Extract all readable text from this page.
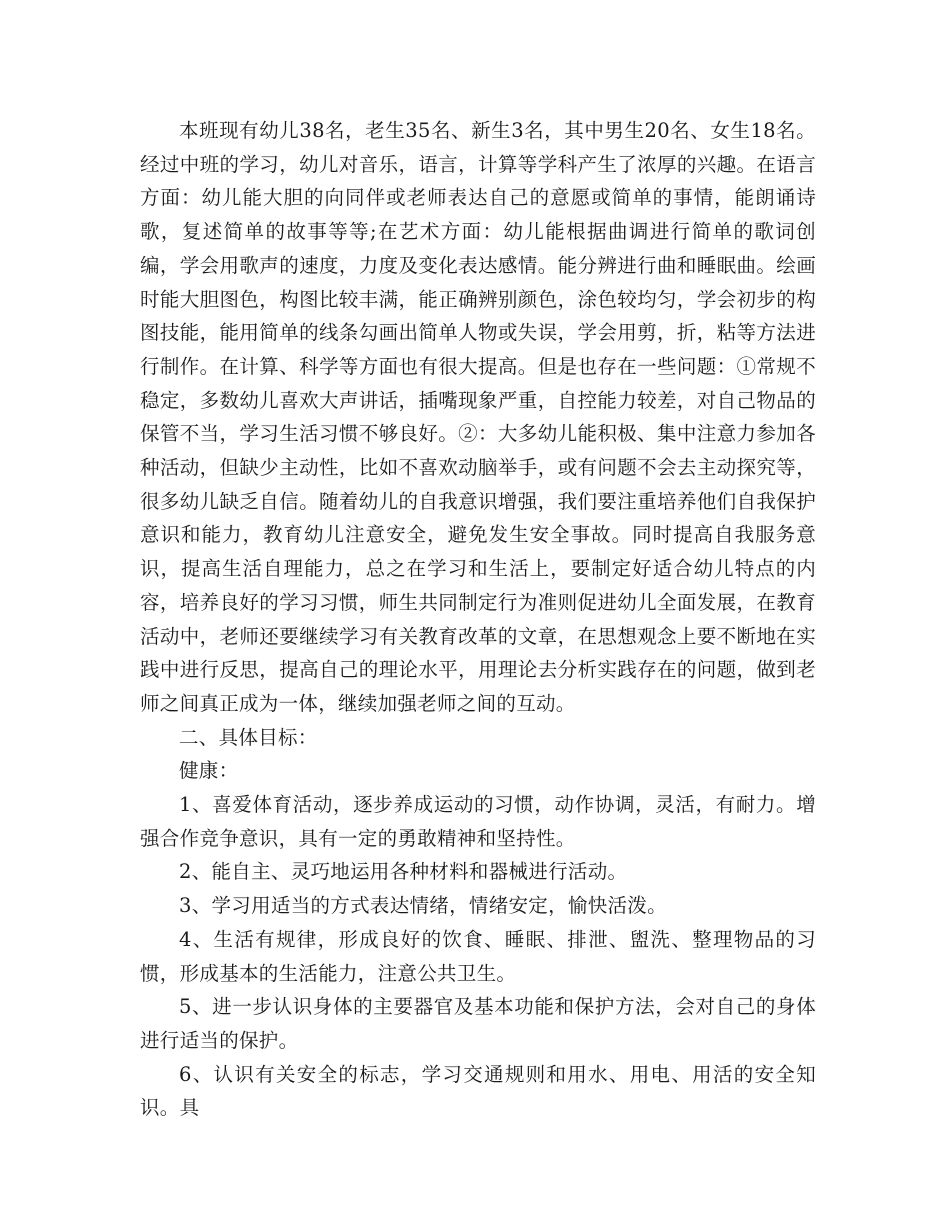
本班现有幼儿38名，老生35名、新生3名，其中男生20名、女生18名。经过中班的学习，幼儿对音乐，语言，计算等学科产生了浓厚的兴趣。在语言方面：幼儿能大胆的向同伴或老师表达自己的意愿或简单的事情，能朗诵诗歌，复述简单的故事等等;在艺术方面：幼儿能根据曲调进行简单的歌词创编，学会用歌声的速度，力度及变化表达感情。能分辨进行曲和睡眠曲。绘画时能大胆图色，构图比较丰满，能正确辨别颜色，涂色较均匀，学会初步的构图技能，能用简单的线条勾画出简单人物或失误，学会用剪，折，粘等方法进行制作。在计算、科学等方面也有很大提高。但是也存在一些问题：①常规不稳定，多数幼儿喜欢大声讲话，插嘴现象严重，自控能力较差，对自己物品的保管不当，学习生活习惯不够良好。②：大多幼儿能积极、集中注意力参加各种活动，但缺少主动性，比如不喜欢动脑举手，或有问题不会去主动探究等，很多幼儿缺乏自信。随着幼儿的自我意识增强，我们要注重培养他们自我保护意识和能力，教育幼儿注意安全，避免发生安全事故。同时提高自我服务意识，提高生活自理能力，总之在学习和生活上，要制定好适合幼儿特点的内容，培养良好的学习习惯，师生共同制定行为准则促进幼儿全面发展，在教育活动中，老师还要继续学习有关教育改革的文章，在思想观念上要不断地在实践中进行反思，提高自己的理论水平，用理论去分析实践存在的问题，做到老师之间真正成为一体，继续加强老师之间的互动。

二、具体目标：

健康：

1、喜爱体育活动，逐步养成运动的习惯，动作协调，灵活，有耐力。增强合作竞争意识，具有一定的勇敢精神和坚持性。

2、能自主、灵巧地运用各种材料和器械进行活动。

3、学习用适当的方式表达情绪，情绪安定，愉快活泼。

4、生活有规律，形成良好的饮食、睡眠、排泄、盥洗、整理物品的习惯，形成基本的生活能力，注意公共卫生。

5、进一步认识身体的主要器官及基本功能和保护方法，会对自己的身体进行适当的保护。

6、认识有关安全的标志，学习交通规则和用水、用电、用活的安全知识。具
